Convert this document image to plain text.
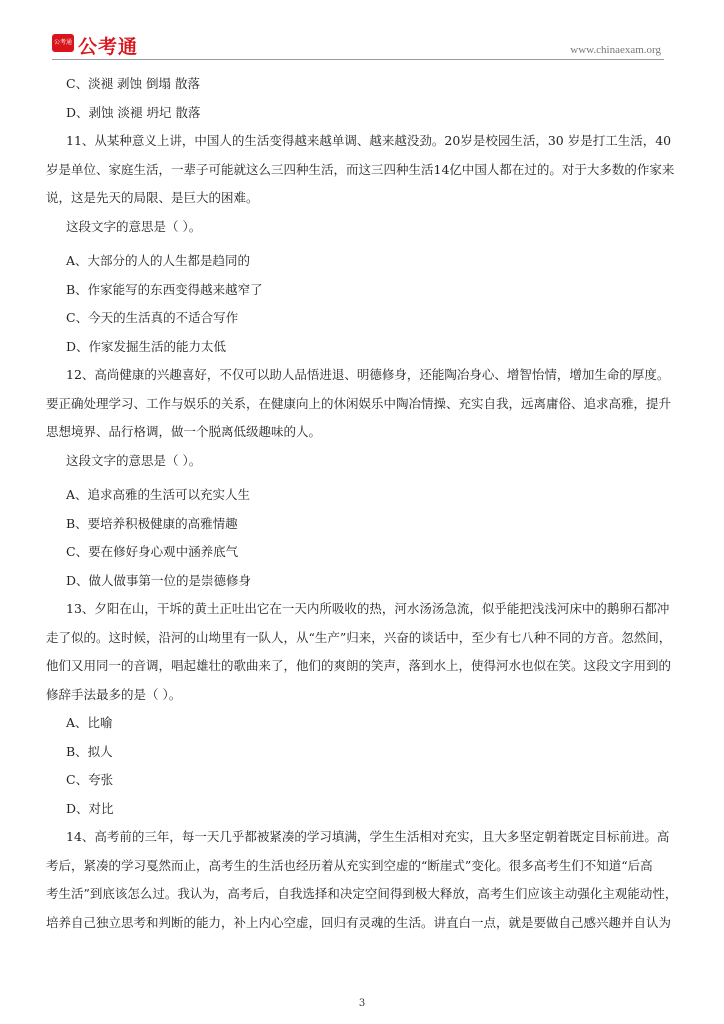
公考通 公考通	www.chinaexam.org
C、淡褪 剥蚀 倒塌 散落
D、剥蚀 淡褪 坍圮 散落
11、从某种意义上讲，中国人的生活变得越来越单调、越来越没劲。20岁是校园生活，30 岁是打工生活，40
岁是单位、家庭生活，一辈子可能就这么三四种生活，而这三四种生活14亿中国人都在过的。对于大多数的作家来
说，这是先天的局限、是巨大的困难。
这段文字的意思是（ ）。
A、大部分的人的人生都是趋同的
B、作家能写的东西变得越来越窄了
C、今天的生活真的不适合写作
D、作家发掘生活的能力太低
12、高尚健康的兴趣喜好，不仅可以助人品悟进退、明德修身，还能陶冶身心、增智怡情，增加生命的厚度。
要正确处理学习、工作与娱乐的关系，在健康向上的休闲娱乐中陶冶情操、充实自我，远离庸俗、追求高雅，提升
思想境界、品行格调，做一个脱离低级趣味的人。
这段文字的意思是（ ）。
A、追求高雅的生活可以充实人生
B、要培养积极健康的高雅情趣
C、要在修好身心观中涵养底气
D、做人做事第一位的是崇德修身
13、夕阳在山，干坼的黄土正吐出它在一天内所吸收的热，河水汤汤急流，似乎能把浅浅河床中的鹅卵石都冲
走了似的。这时候，沿河的山坳里有一队人，从“生产”归来，兴奋的谈话中，至少有七八种不同的方音。忽然间，
他们又用同一的音调，唱起雄壮的歌曲来了，他们的爽朗的笑声，落到水上，使得河水也似在笑。这段文字用到的
修辞手法最多的是（ ）。
A、比喻
B、拟人
C、夸张
D、对比
14、高考前的三年，每一天几乎都被紧凑的学习填满，学生生活相对充实，且大多坚定朝着既定目标前进。高
考后，紧凑的学习戛然而止，高考生的生活也经历着从充实到空虚的“断崖式”变化。很多高考生们不知道“后高
考生活”到底该怎么过。我认为，高考后，自我选择和决定空间得到极大释放，高考生们应该主动强化主观能动性，
培养自己独立思考和判断的能力，补上内心空虚，回归有灵魂的生活。讲直白一点，就是要做自己感兴趣并自认为
3
